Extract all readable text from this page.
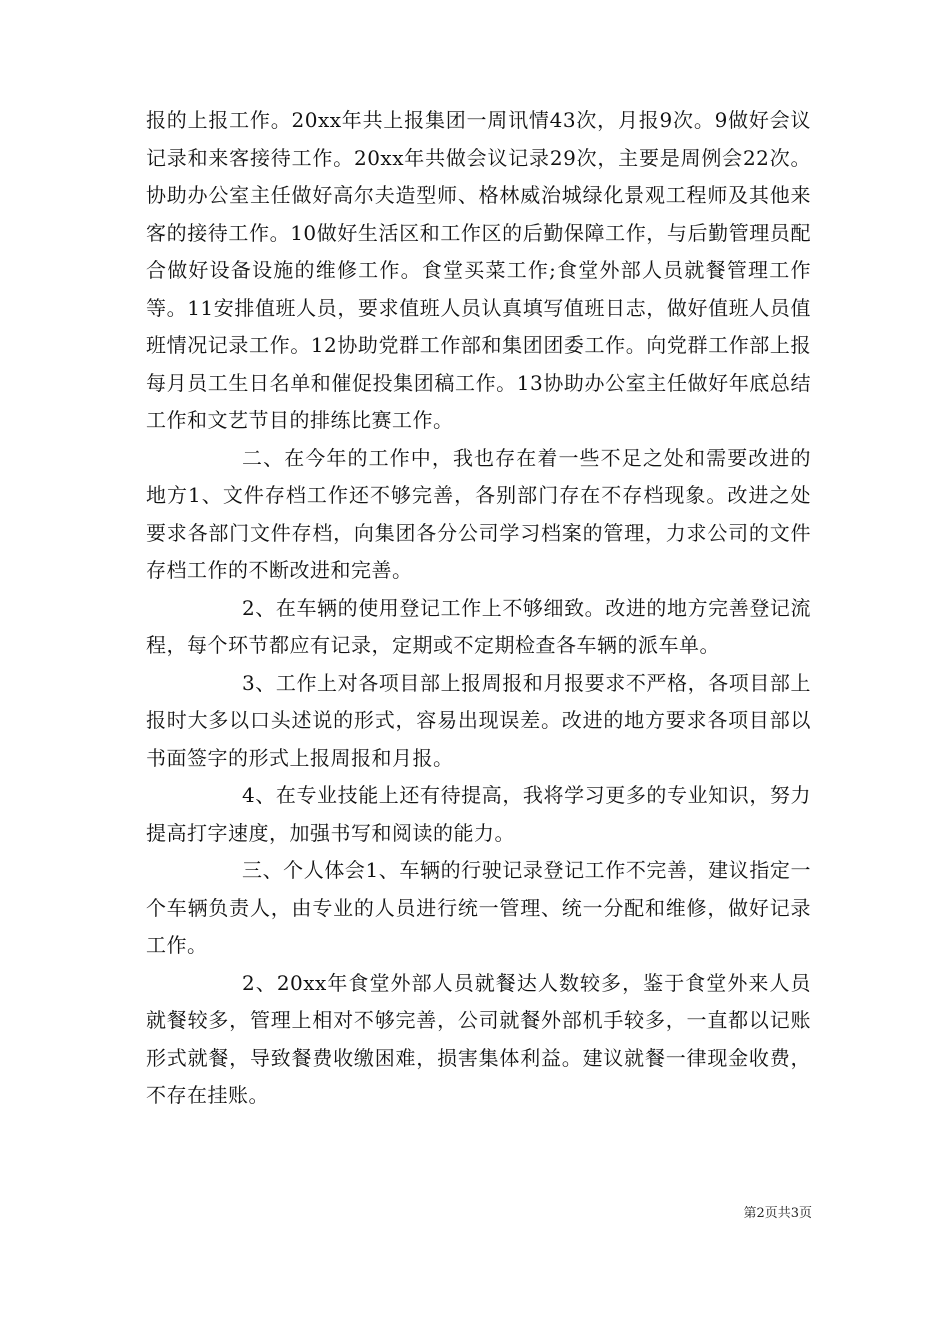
报的上报工作。20xx年共上报集团一周讯情43次，月报9次。9做好会议记录和来客接待工作。20xx年共做会议记录29次，主要是周例会22次。协助办公室主任做好高尔夫造型师、格林威治城绿化景观工程师及其他来客的接待工作。10做好生活区和工作区的后勤保障工作，与后勤管理员配合做好设备设施的维修工作。食堂买菜工作;食堂外部人员就餐管理工作等。11安排值班人员，要求值班人员认真填写值班日志，做好值班人员值班情况记录工作。12协助党群工作部和集团团委工作。向党群工作部上报每月员工生日名单和催促投集团稿工作。13协助办公室主任做好年底总结工作和文艺节目的排练比赛工作。

二、在今年的工作中，我也存在着一些不足之处和需要改进的地方1、文件存档工作还不够完善，各别部门存在不存档现象。改进之处要求各部门文件存档，向集团各分公司学习档案的管理，力求公司的文件存档工作的不断改进和完善。

2、在车辆的使用登记工作上不够细致。改进的地方完善登记流程，每个环节都应有记录，定期或不定期检查各车辆的派车单。

3、工作上对各项目部上报周报和月报要求不严格，各项目部上报时大多以口头述说的形式，容易出现误差。改进的地方要求各项目部以书面签字的形式上报周报和月报。

4、在专业技能上还有待提高，我将学习更多的专业知识，努力提高打字速度，加强书写和阅读的能力。

三、个人体会1、车辆的行驶记录登记工作不完善，建议指定一个车辆负责人，由专业的人员进行统一管理、统一分配和维修，做好记录工作。

2、20xx年食堂外部人员就餐达人数较多，鉴于食堂外来人员就餐较多，管理上相对不够完善，公司就餐外部机手较多，一直都以记账形式就餐，导致餐费收缴困难，损害集体利益。建议就餐一律现金收费，不存在挂账。

第2页共3页
